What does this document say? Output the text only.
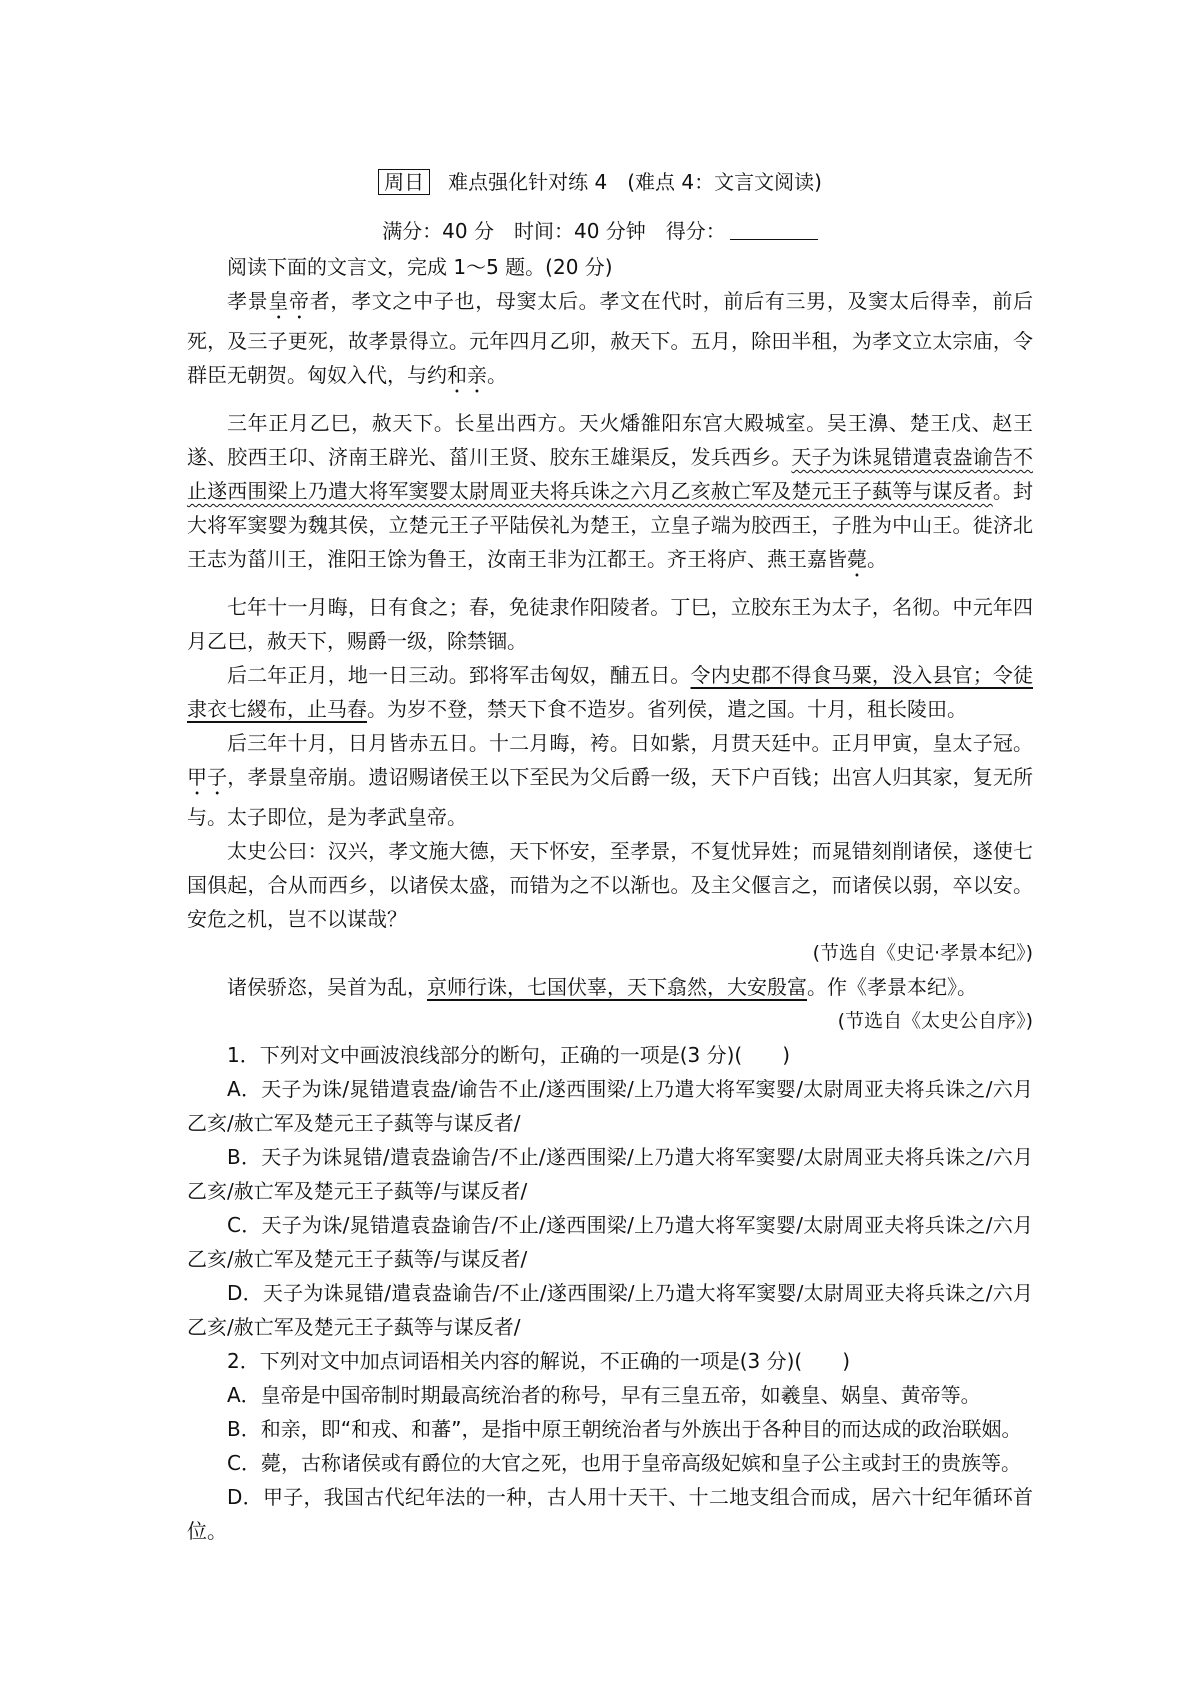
周日 难点强化针对练 4　(难点 4：文言文阅读)
满分：40 分　时间：40 分钟　得分：

阅读下面的文言文，完成 1～5 题。(20 分)

孝景皇帝者，孝文之中子也，母窦太后。孝文在代时，前后有三男，及窦太后得幸，前后死，及三子更死，故孝景得立。元年四月乙卯，赦天下。五月，除田半租，为孝文立太宗庙，令群臣无朝贺。匈奴入代，与约和亲。

三年正月乙巳，赦天下。长星出西方。天火燔雒阳东宫大殿城室。吴王濞、楚王戊、赵王遂、胶西王卬、济南王辟光、菑川王贤、胶东王雄渠反，发兵西乡。天子为诛晁错遣袁盎谕告不止遂西围梁上乃遣大将军窦婴太尉周亚夫将兵诛之六月乙亥赦亡军及楚元王子蓺等与谋反者。封大将军窦婴为魏其侯，立楚元王子平陆侯礼为楚王，立皇子端为胶西王，子胜为中山王。徙济北王志为菑川王，淮阳王馀为鲁王，汝南王非为江都王。齐王将庐、燕王嘉皆薨。

七年十一月晦，日有食之；春，免徒隶作阳陵者。丁巳，立胶东王为太子，名彻。中元年四月乙巳，赦天下，赐爵一级，除禁锢。

后二年正月，地一日三动。郅将军击匈奴，酺五日。令内史郡不得食马粟，没入县官；令徒隶衣七緵布，止马舂。为岁不登，禁天下食不造岁。省列侯，遣之国。十月，租长陵田。

后三年十月，日月皆赤五日。十二月晦，袴。日如紫，月贯天廷中。正月甲寅，皇太子冠。甲子，孝景皇帝崩。遗诏赐诸侯王以下至民为父后爵一级，天下户百钱；出宫人归其家，复无所与。太子即位，是为孝武皇帝。

太史公曰：汉兴，孝文施大德，天下怀安，至孝景，不复忧异姓；而晁错刻削诸侯，遂使七国俱起，合从而西乡，以诸侯太盛，而错为之不以渐也。及主父偃言之，而诸侯以弱，卒以安。安危之机，岂不以谋哉？

(节选自《史记·孝景本纪》)

诸侯骄恣，吴首为乱，京师行诛，七国伏辜，天下翕然，大安殷富。作《孝景本纪》。

(节选自《太史公自序》)

1．下列对文中画波浪线部分的断句，正确的一项是(3 分)(　　)

A．天子为诛/晁错遣袁盎/谕告不止/遂西围梁/上乃遣大将军窦婴/太尉周亚夫将兵诛之/六月乙亥/赦亡军及楚元王子蓺等与谋反者/

B．天子为诛晁错/遣袁盎谕告/不止/遂西围梁/上乃遣大将军窦婴/太尉周亚夫将兵诛之/六月乙亥/赦亡军及楚元王子蓺等/与谋反者/

C．天子为诛/晁错遣袁盎谕告/不止/遂西围梁/上乃遣大将军窦婴/太尉周亚夫将兵诛之/六月乙亥/赦亡军及楚元王子蓺等/与谋反者/

D．天子为诛晁错/遣袁盎谕告/不止/遂西围梁/上乃遣大将军窦婴/太尉周亚夫将兵诛之/六月乙亥/赦亡军及楚元王子蓺等与谋反者/

2．下列对文中加点词语相关内容的解说，不正确的一项是(3 分)(　　)

A．皇帝是中国帝制时期最高统治者的称号，早有三皇五帝，如羲皇、娲皇、黄帝等。

B．和亲，即“和戎、和蕃”，是指中原王朝统治者与外族出于各种目的而达成的政治联姻。

C．薨，古称诸侯或有爵位的大官之死，也用于皇帝高级妃嫔和皇子公主或封王的贵族等。

D．甲子，我国古代纪年法的一种，古人用十天干、十二地支组合而成，居六十纪年循环首位。
